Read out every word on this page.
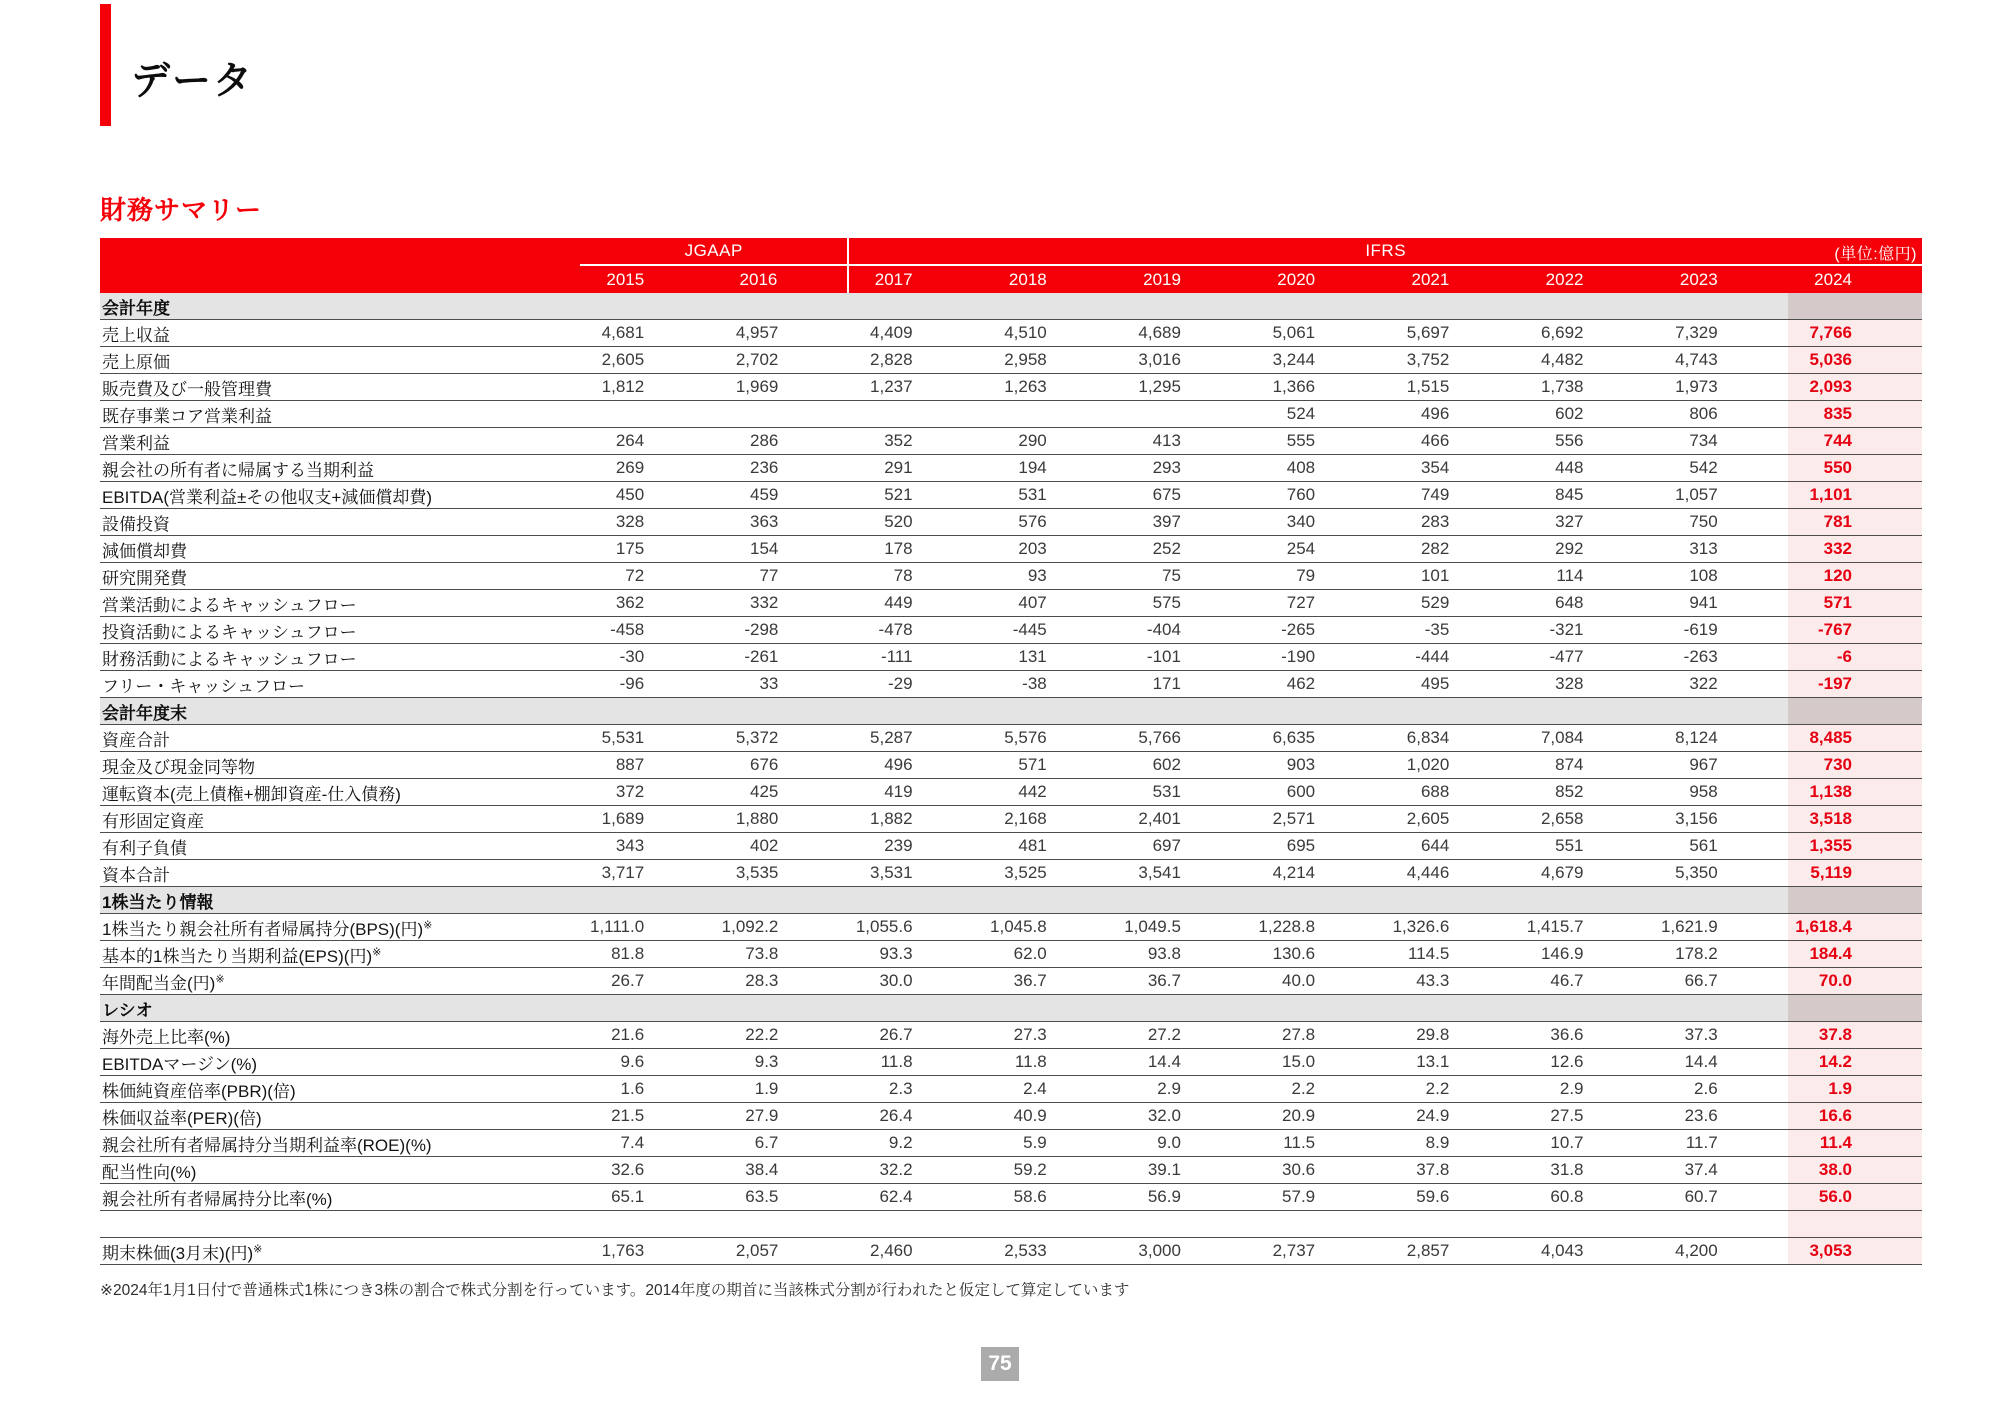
データ
財務サマリー
	JGAAP		IFRS (単位:億円)							

	2015	2016	2017	2018	2019	2020	2021	2022	2023	2024
会計年度										
売上収益	4,681	4,957	4,409	4,510	4,689	5,061	5,697	6,692	7,329	7,766
売上原価	2,605	2,702	2,828	2,958	3,016	3,244	3,752	4,482	4,743	5,036
販売費及び一般管理費	1,812	1,969	1,237	1,263	1,295	1,366	1,515	1,738	1,973	2,093
既存事業コア営業利益						524	496	602	806	835
営業利益	264	286	352	290	413	555	466	556	734	744
親会社の所有者に帰属する当期利益	269	236	291	194	293	408	354	448	542	550
EBITDA(営業利益±その他収支+減価償却費)	450	459	521	531	675	760	749	845	1,057	1,101
設備投資	328	363	520	576	397	340	283	327	750	781
減価償却費	175	154	178	203	252	254	282	292	313	332
研究開発費	72	77	78	93	75	79	101	114	108	120
営業活動によるキャッシュフロー	362	332	449	407	575	727	529	648	941	571
投資活動によるキャッシュフロー	-458	-298	-478	-445	-404	-265	-35	-321	-619	-767
財務活動によるキャッシュフロー	-30	-261	-111	131	-101	-190	-444	-477	-263	-6
フリー・キャッシュフロー	-96	33	-29	-38	171	462	495	328	322	-197
会計年度末										
資産合計	5,531	5,372	5,287	5,576	5,766	6,635	6,834	7,084	8,124	8,485
現金及び現金同等物	887	676	496	571	602	903	1,020	874	967	730
運転資本(売上債権+棚卸資産-仕入債務)	372	425	419	442	531	600	688	852	958	1,138
有形固定資産	1,689	1,880	1,882	2,168	2,401	2,571	2,605	2,658	3,156	3,518
有利子負債	343	402	239	481	697	695	644	551	561	1,355
資本合計	3,717	3,535	3,531	3,525	3,541	4,214	4,446	4,679	5,350	5,119
1株当たり情報										
1株当たり親会社所有者帰属持分(BPS)(円)※	1,111.0	1,092.2	1,055.6	1,045.8	1,049.5	1,228.8	1,326.6	1,415.7	1,621.9	1,618.4
基本的1株当たり当期利益(EPS)(円)※	81.8	73.8	93.3	62.0	93.8	130.6	114.5	146.9	178.2	184.4
年間配当金(円)※	26.7	28.3	30.0	36.7	36.7	40.0	43.3	46.7	66.7	70.0
レシオ										
海外売上比率(%)	21.6	22.2	26.7	27.3	27.2	27.8	29.8	36.6	37.3	37.8
EBITDAマージン(%)	9.6	9.3	11.8	11.8	14.4	15.0	13.1	12.6	14.4	14.2
株価純資産倍率(PBR)(倍)	1.6	1.9	2.3	2.4	2.9	2.2	2.2	2.9	2.6	1.9
株価収益率(PER)(倍)	21.5	27.9	26.4	40.9	32.0	20.9	24.9	27.5	23.6	16.6
親会社所有者帰属持分当期利益率(ROE)(%)	7.4	6.7	9.2	5.9	9.0	11.5	8.9	10.7	11.7	11.4
配当性向(%)	32.6	38.4	32.2	59.2	39.1	30.6	37.8	31.8	37.4	38.0
親会社所有者帰属持分比率(%)	65.1	63.5	62.4	58.6	56.9	57.9	59.6	60.8	60.7	56.0

期末株価(3月末)(円)※	1,763	2,057	2,460	2,533	3,000	2,737	2,857	4,043	4,200	3,053
※2024年1月1日付で普通株式1株につき3株の割合で株式分割を行っています。2014年度の期首に当該株式分割が行われたと仮定して算定しています
75
